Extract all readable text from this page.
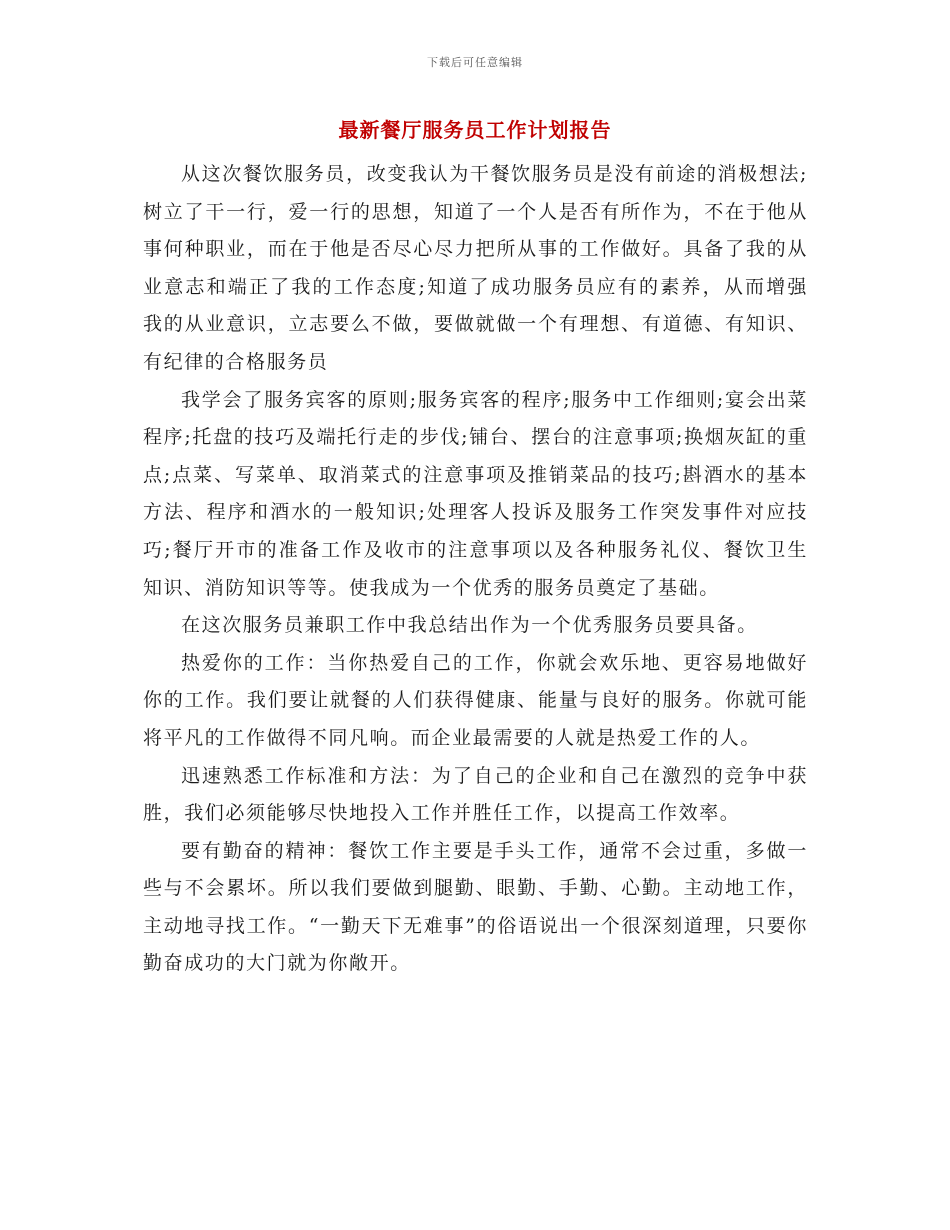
下载后可任意编辑
最新餐厅服务员工作计划报告

从这次餐饮服务员，改变我认为干餐饮服务员是没有前途的消极想法;树立了干一行，爱一行的思想，知道了一个人是否有所作为，不在于他从事何种职业，而在于他是否尽心尽力把所从事的工作做好。具备了我的从业意志和端正了我的工作态度;知道了成功服务员应有的素养，从而增强我的从业意识，立志要么不做，要做就做一个有理想、有道德、有知识、有纪律的合格服务员

我学会了服务宾客的原则;服务宾客的程序;服务中工作细则;宴会出菜程序;托盘的技巧及端托行走的步伐;铺台、摆台的注意事项;换烟灰缸的重点;点菜、写菜单、取消菜式的注意事项及推销菜品的技巧;斟酒水的基本方法、程序和酒水的一般知识;处理客人投诉及服务工作突发事件对应技巧;餐厅开市的准备工作及收市的注意事项以及各种服务礼仪、餐饮卫生知识、消防知识等等。使我成为一个优秀的服务员奠定了基础。

在这次服务员兼职工作中我总结出作为一个优秀服务员要具备。

热爱你的工作：当你热爱自己的工作，你就会欢乐地、更容易地做好你的工作。我们要让就餐的人们获得健康、能量与良好的服务。你就可能将平凡的工作做得不同凡响。而企业最需要的人就是热爱工作的人。

迅速熟悉工作标准和方法：为了自己的企业和自己在激烈的竞争中获胜，我们必须能够尽快地投入工作并胜任工作，以提高工作效率。

要有勤奋的精神：餐饮工作主要是手头工作，通常不会过重，多做一些与不会累坏。所以我们要做到腿勤、眼勤、手勤、心勤。主动地工作，主动地寻找工作。“一勤天下无难事”的俗语说出一个很深刻道理，只要你勤奋成功的大门就为你敞开。
